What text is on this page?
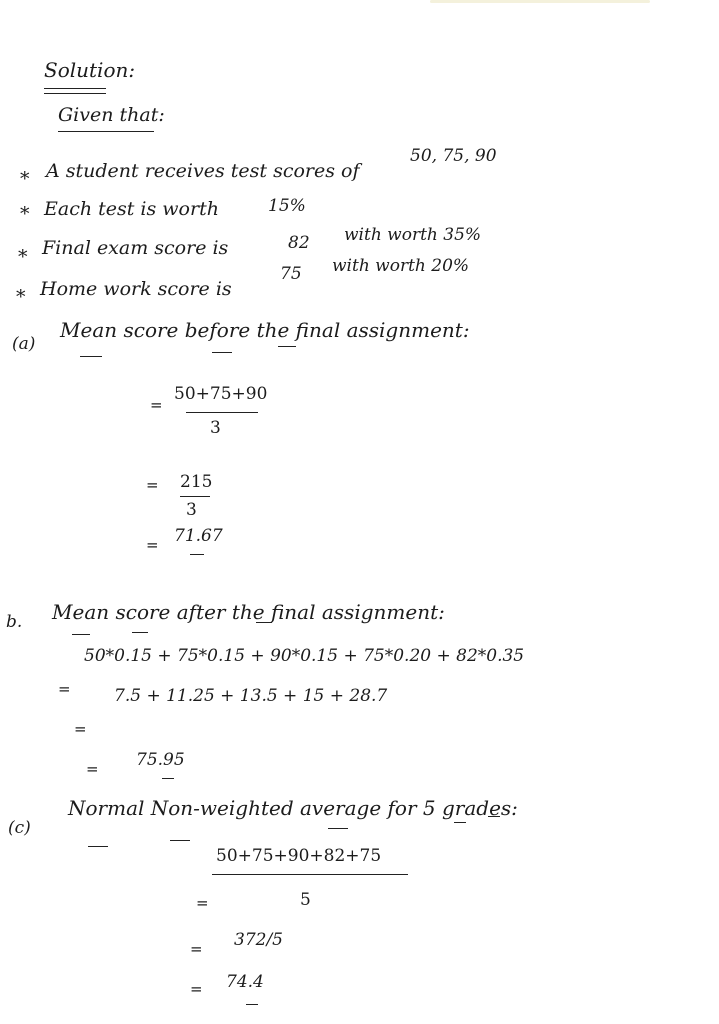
Solution:
Given that:
* A student receives test scores of
50, 75, 90
* Each test is worth	15%
* Final exam score is	82 with worth 35%
* Home work score is
75 with worth 20%
(a)
Mean score before the final assignment:
=
50+75+90
3
= 215
3
= 71.67
b. Mean score after the final assignment:
=
50*0.15 + 75*0.15 + 90*0.15 + 75*0.20 + 82*0.35
=
7.5 + 11.25 + 13.5 + 15 + 28.7
= 75.95
(c)
Normal Non-weighted average for 5 grades:
50+75+90+82+75
=	5
= 372/5
= 74.4
